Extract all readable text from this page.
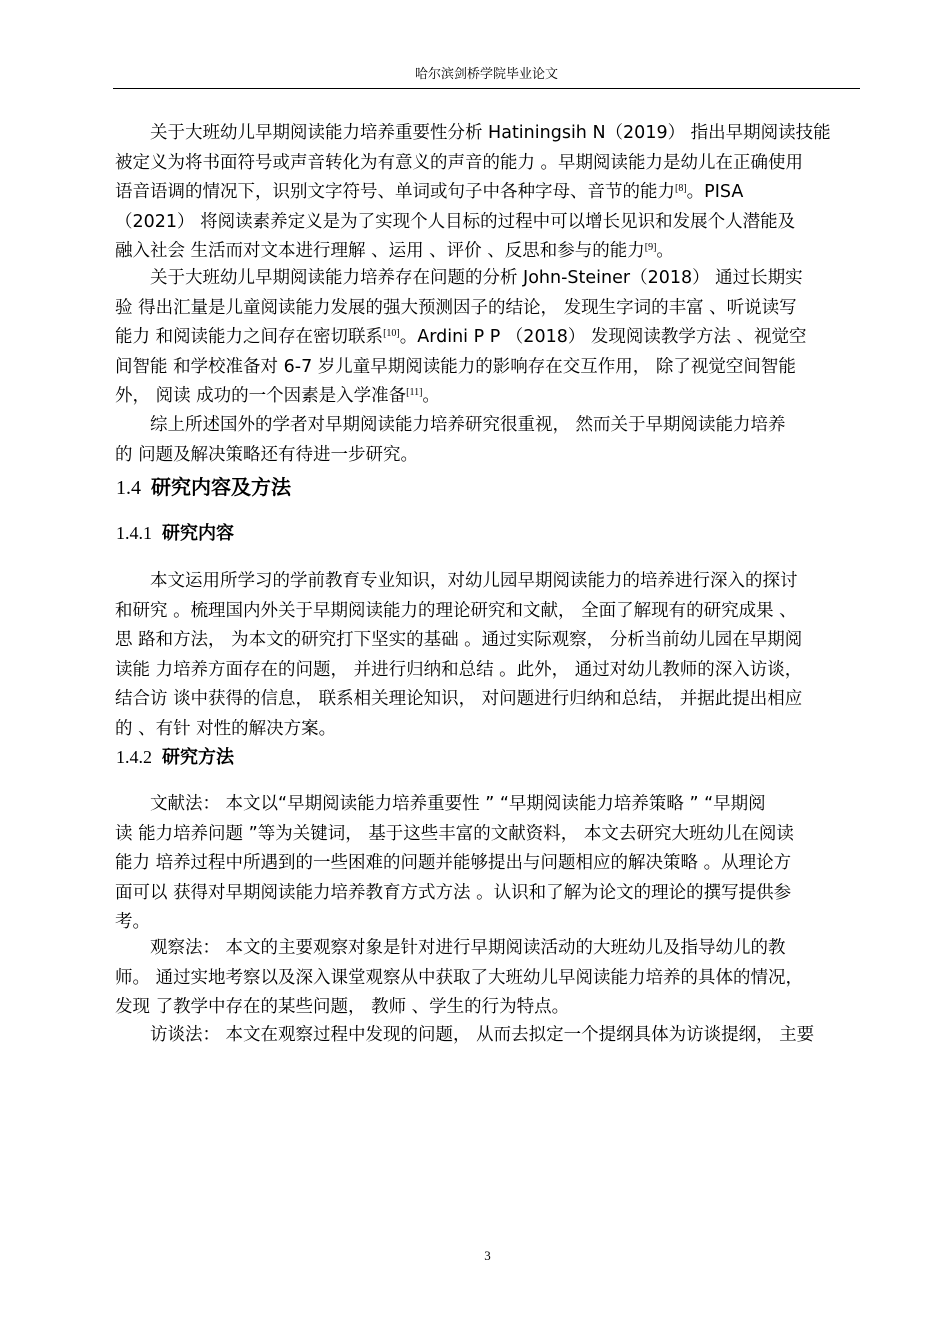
哈尔滨剑桥学院毕业论文
关于大班幼儿早期阅读能力培养重要性分析 Hatiningsih N（2019） 指出早期阅读技能
被定义为将书面符号或声音转化为有意义的声音的能力 。早期阅读能力是幼儿在正确使用
语音语调的情况下，识别文字符号、单词或句子中各种字母、音节的能力[8]。PISA
（2021） 将阅读素养定义是为了实现个人目标的过程中可以增长见识和发展个人潜能及
融入社会 生活而对文本进行理解 、运用 、评价 、反思和参与的能力[9]。
关于大班幼儿早期阅读能力培养存在问题的分析 John-Steiner（2018） 通过长期实
验 得出汇量是儿童阅读能力发展的强大预测因子的结论， 发现生字词的丰富 、听说读写
能力 和阅读能力之间存在密切联系[10]。Ardini P P （2018） 发现阅读教学方法 、视觉空
间智能 和学校准备对 6-7 岁儿童早期阅读能力的影响存在交互作用， 除了视觉空间智能
外， 阅读 成功的一个因素是入学准备[11]。
综上所述国外的学者对早期阅读能力培养研究很重视， 然而关于早期阅读能力培养
的 问题及解决策略还有待进一步研究。
1.4 研究内容及方法
1.4.1 研究内容
本文运用所学习的学前教育专业知识，对幼儿园早期阅读能力的培养进行深入的探讨
和研究 。梳理国内外关于早期阅读能力的理论研究和文献， 全面了解现有的研究成果 、
思 路和方法， 为本文的研究打下坚实的基础 。通过实际观察， 分析当前幼儿园在早期阅
读能 力培养方面存在的问题， 并进行归纳和总结 。此外， 通过对幼儿教师的深入访谈，
结合访 谈中获得的信息， 联系相关理论知识， 对问题进行归纳和总结， 并据此提出相应
的 、有针 对性的解决方案。
1.4.2 研究方法
文献法： 本文以“早期阅读能力培养重要性 ” “早期阅读能力培养策略 ” “早期阅
读 能力培养问题 ”等为关键词， 基于这些丰富的文献资料， 本文去研究大班幼儿在阅读
能力 培养过程中所遇到的一些困难的问题并能够提出与问题相应的解决策略 。从理论方
面可以 获得对早期阅读能力培养教育方式方法 。认识和了解为论文的理论的撰写提供参
考。
观察法： 本文的主要观察对象是针对进行早期阅读活动的大班幼儿及指导幼儿的教
师。 通过实地考察以及深入课堂观察从中获取了大班幼儿早阅读能力培养的具体的情况，
发现 了教学中存在的某些问题， 教师 、学生的行为特点。
访谈法： 本文在观察过程中发现的问题， 从而去拟定一个提纲具体为访谈提纲， 主要
3
